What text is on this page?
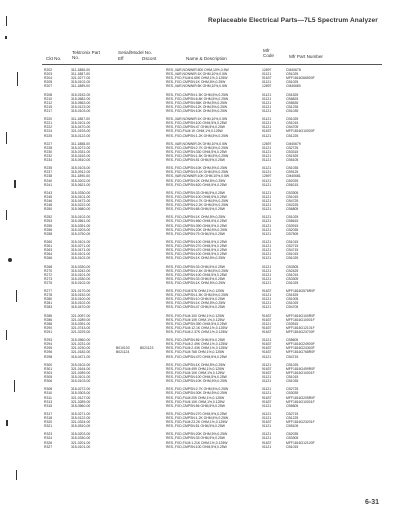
Replaceable Electrical Parts—7L5 Spectrum Analyzer
Ckt No.
Tektronix Part No.
Serial/Model No.
Eff	Dscont	Name & Description
Mfr Code	Mfr Part Number
R202	311-1886-00	RES.,VAR,NONWIR:500 OHM,10%,0.5W	12697	CM40678
R203	311-1887-00	RES.,VAR,NONWIR:1K OHM,10%,0.5W	01121	CB1025
R204	321-0277-00	RES.,FXD,FILM:6.65K OHM,1%,0.125W	91637	MFF1816G66500F
R205	315-0102-00	RES.,FXD,CMPSN:1K OHM,5%,0.25W	01121	CB1025
R207	311-1889-00	RES.,VAR,NONWIR:5K OHM,10%,0.5W	12697	CM40680
R208	315-0152-00	RES.,FXD,CMPSN:1.5K OHM,5%,0.25W	01121	CB1525
R210	315-0682-00	RES.,FXD,CMPSN:6.8K OHM,5%,0.25W	01121	CB6825
R212	315-0563-00	RES.,FXD,CMPSN:56K OHM,5%,0.25W	01121	CB5635
R215	315-0123-00	RES.,FXD,CMPSN:12K OHM,5%,0.25W	01121	CB1235
R217	315-0103-00	RES.,FXD,CMPSN:10K OHM,5%,0.25W	01121	CB1035
R220	311-1887-00	RES.,VAR,NONWIR:1K OHM,10%,0.5W	01121	CB1025
R221	315-0101-00	RES.,FXD,CMPSN:100 OHM,5%,0.25W	01121	CB1015
R222	315-0470-00	RES.,FXD,CMPSN:47 OHM,5%,0.25W	01121	CB4705
R224	321-0193-00	RES.,FXD,FILM:1K OHM,1%,0.125W	91637	MFF1816G10000F
R225	315-0122-00	RES.,FXD,CMPSN:1.2K OHM,5%,0.25W	01121	CB1225
R227	311-1888-00	RES.,VAR,NONWIR:2K OHM,10%,0.5W	12697	CM40679
R228	315-0272-00	RES.,FXD,CMPSN:2.7K OHM,5%,0.25W	01121	CB2725
R230	315-0331-00	RES.,FXD,CMPSN:330 OHM,5%,0.25W	01121	CB3315
R232	315-0152-00	RES.,FXD,CMPSN:1.5K OHM,5%,0.25W	01121	CB1525
R234	315-0510-00	RES.,FXD,CMPSN:51 OHM,5%,0.25W	01121	CB5105
R235	315-0103-00	RES.,FXD,CMPSN:10K OHM,5%,0.25W	01121	CB1035
R237	315-0912-00	RES.,FXD,CMPSN:9.1K OHM,5%,0.25W	01121	CB9125
R238	311-1890-00	RES.,VAR,NONWIR:10K OHM,10%,0.5W	12697	CM40681
R240	315-0202-00	RES.,FXD,CMPSN:2K OHM,5%,0.25W	01121	CB2025
R241	315-0621-00	RES.,FXD,CMPSN:620 OHM,5%,0.25W	01121	CB6215
R243	315-0330-00	RES.,FXD,CMPSN:33 OHM,5%,0.25W	01121	CB3305
R245	315-0101-00	RES.,FXD,CMPSN:100 OHM,5%,0.25W	01121	CB1015
R246	315-0472-00	RES.,FXD,CMPSN:4.7K OHM,5%,0.25W	01121	CB4725
R248	315-0222-00	RES.,FXD,CMPSN:2.2K OHM,5%,0.25W	01121	CB2225
R250	315-0680-00	RES.,FXD,CMPSN:68 OHM,5%,0.25W	01121	CB6805
R252	315-0102-00	RES.,FXD,CMPSN:1K OHM,5%,0.25W	01121	CB1025
R253	315-0561-00	RES.,FXD,CMPSN:560 OHM,5%,0.25W	01121	CB5615
R255	315-0391-00	RES.,FXD,CMPSN:390 OHM,5%,0.25W	01121	CB3915
R256	315-0203-00	RES.,FXD,CMPSN:20K OHM,5%,0.25W	01121	CB2035
R258	315-0750-00	RES.,FXD,CMPSN:75 OHM,5%,0.25W	01121	CB7505
R260	315-0101-00	RES.,FXD,CMPSN:100 OHM,5%,0.25W	01121	CB1015
R261	315-0271-00	RES.,FXD,CMPSN:270 OHM,5%,0.25W	01121	CB2715
R263	315-0471-00	RES.,FXD,CMPSN:470 OHM,5%,0.25W	01121	CB4715
R264	315-0101-00	RES.,FXD,CMPSN:100 OHM,5%,0.25W	01121	CB1015
R266	315-0102-00	RES.,FXD,CMPSN:1K OHM,5%,0.25W	01121	CB1025
R268	315-0330-00	RES.,FXD,CMPSN:33 OHM,5%,0.25W	01121	CB3305
R270	315-0242-00	RES.,FXD,CMPSN:2.4K OHM,5%,0.25W	01121	CB2425
R272	315-0101-00	RES.,FXD,CMPSN:100 OHM,5%,0.25W	01121	CB1015
R273	315-0330-00	RES.,FXD,CMPSN:33 OHM,5%,0.25W	01121	CB3305
R275	315-0102-00	RES.,FXD,CMPSN:1K OHM,5%,0.25W	01121	CB1025
R277	321-0170-00	RES.,FXD,FILM:576 OHM,1%,0.125W	91637	MFF1816G576R0F
R278	315-0152-00	RES.,FXD,CMPSN:1.5K OHM,5%,0.25W	01121	CB1525
R280	315-0100-00	RES.,FXD,CMPSN:10 OHM,5%,0.25W	01121	CB1005
R281	315-0102-00	RES.,FXD,CMPSN:1K OHM,5%,0.25W	01121	CB1025
R283	315-0470-00	RES.,FXD,CMPSN:47 OHM,5%,0.25W	01121	CB4705
R285	321-0097-00	RES.,FXD,FILM:100 OHM,1%,0.125W	91637	MFF1816G100R0F
R286	321-0289-00	RES.,FXD,FILM:10K OHM,1%,0.125W	91637	MFF1816G10001F
R288	315-0391-00	RES.,FXD,CMPSN:390 OHM,5%,0.25W	01121	CB3915
R290	321-0743-00	RES.,FXD,FILM:12.1K OHM,1%,0.125W	91637	MFF1816G12101F
R291	321-0229-00	RES.,FXD,FILM:2.37K OHM,1%,0.125W	91637	MFF1816G23700F
R293	315-0560-00	RES.,FXD,CMPSN:56 OHM,5%,0.25W	01121	CB5605
R294	321-0231-00	RES.,FXD,FILM:2.49K OHM,1%,0.125W	91637	MFF1816G24900F
R295	321-0230-00	B010100	B021123	RES.,FXD,FILM:2.43K OHM,1%,0.125W	91637	MFF1816G24300F
R296	321-0182-00	B021124	RES.,FXD,FILM:768 OHM,1%,0.125W	91637	MFF1816G768R0F
R298	315-0471-00	RES.,FXD,CMPSN:470 OHM,5%,0.25W	01121	CB4715
R300	315-0102-00	RES.,FXD,CMPSN:1K OHM,5%,0.25W	01121	CB1025
R301	321-0164-00	RES.,FXD,FILM:499 OHM,1%,0.125W	91637	MFF1816G499R0F
R303	321-0289-00	RES.,FXD,FILM:10K OHM,1%,0.125W	91637	MFF1816G10001F
R305	315-0101-00	RES.,FXD,CMPSN:100 OHM,5%,0.25W	01121	CB1015
R306	315-0103-00	RES.,FXD,CMPSN:10K OHM,5%,0.25W	01121	CB1035
R308	315-0272-00	RES.,FXD,CMPSN:2.7K OHM,5%,0.25W	01121	CB2725
R310	315-0303-00	RES.,FXD,CMPSN:30K OHM,5%,0.25W	01121	CB3035
R311	321-0127-00	RES.,FXD,FILM:205 OHM,1%,0.125W	91637	MFF1816G205R0F
R313	321-0289-00	RES.,FXD,FILM:10K OHM,1%,0.125W	91637	MFF1816G10001F
R315	315-0560-00	RES.,FXD,CMPSN:56 OHM,5%,0.25W	01121	CB5605
R317	315-0271-00	RES.,FXD,CMPSN:270 OHM,5%,0.25W	01121	CB2715
R318	315-0122-00	RES.,FXD,CMPSN:1.2K OHM,5%,0.25W	01121	CB1225
R320	321-0324-00	RES.,FXD,FILM:23.2K OHM,1%,0.125W	91637	MFF1816G23201F
R321	315-0510-00	RES.,FXD,CMPSN:51 OHM,5%,0.25W	01121	CB5105
R323	315-0203-00	RES.,FXD,CMPSN:20K OHM,5%,0.25W	01121	CB2035
R324	315-0330-00	RES.,FXD,CMPSN:33 OHM,5%,0.25W	01121	CB3305
R326	321-0201-00	RES.,FXD,FILM:1.21K OHM,1%,0.125W	91637	MFF1816G12100F
R327	315-0101-00	RES.,FXD,CMPSN:100 OHM,5%,0.25W	01121	CB1015
6-31
